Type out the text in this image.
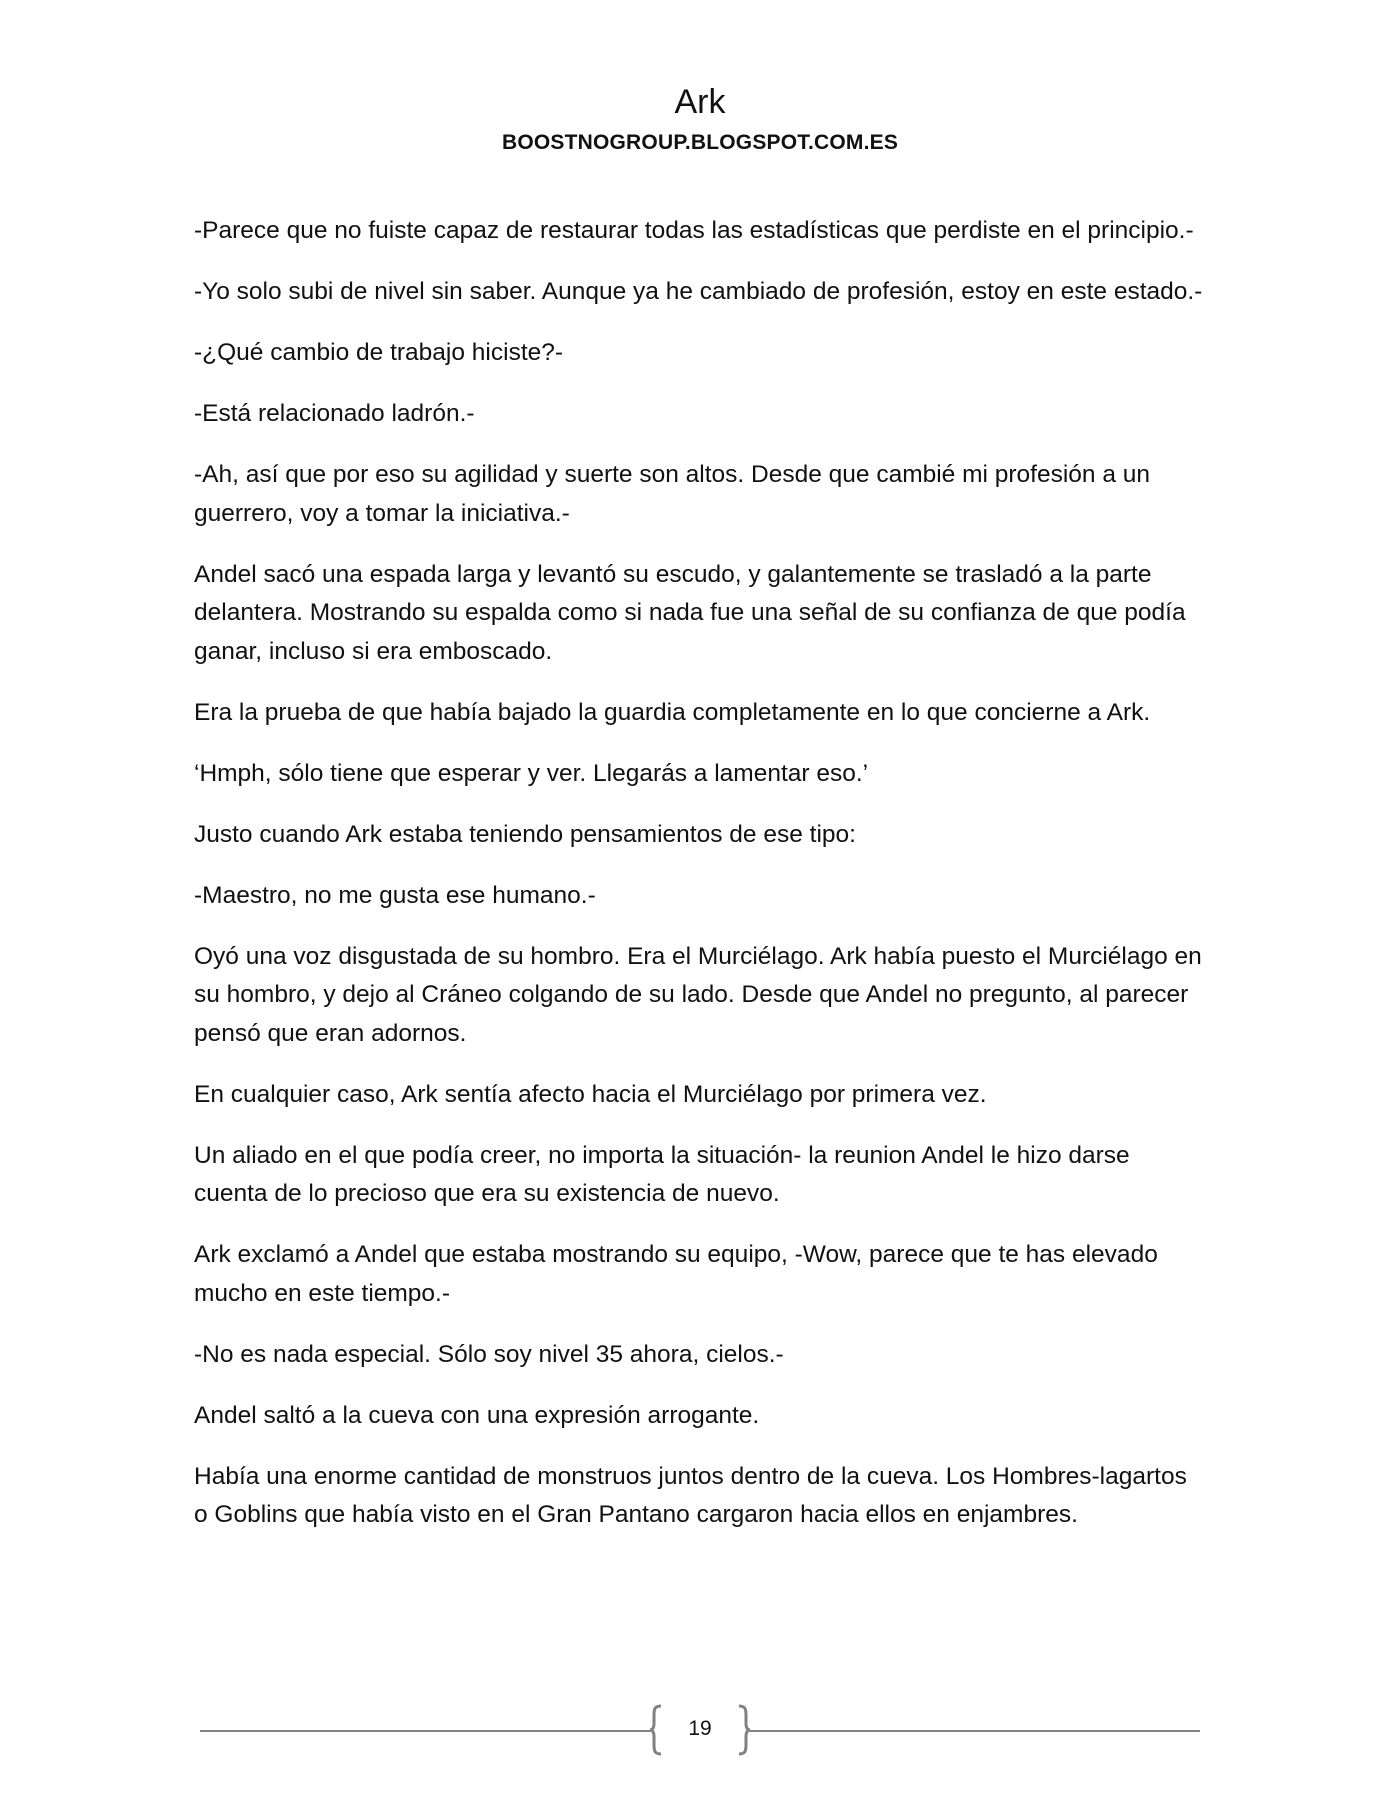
Ark
BOOSTNOGROUP.BLOGSPOT.COM.ES

-Parece que no fuiste capaz de restaurar todas las estadísticas que perdiste en el principio.-

-Yo solo subi de nivel sin saber. Aunque ya he cambiado de profesión, estoy en este estado.-

-¿Qué cambio de trabajo hiciste?-

-Está relacionado ladrón.-

-Ah, así que por eso su agilidad y suerte son altos. Desde que cambié mi profesión a un guerrero, voy a tomar la iniciativa.-

Andel sacó una espada larga y levantó su escudo, y galantemente se trasladó a la parte delantera. Mostrando su espalda como si nada fue una señal de su confianza de que podía ganar, incluso si era emboscado.

Era la prueba de que había bajado la guardia completamente en lo que concierne a Ark.

‘Hmph, sólo tiene que esperar y ver. Llegarás a lamentar eso.’

Justo cuando Ark estaba teniendo pensamientos de ese tipo:

-Maestro, no me gusta ese humano.-

Oyó una voz disgustada de su hombro. Era el Murciélago. Ark había puesto el Murciélago en su hombro, y dejo al Cráneo colgando de su lado. Desde que Andel no pregunto, al parecer pensó que eran adornos.

En cualquier caso, Ark sentía afecto hacia el Murciélago por primera vez.

Un aliado en el que podía creer, no importa la situación- la reunion Andel le hizo darse cuenta de lo precioso que era su existencia de nuevo.

Ark exclamó a Andel que estaba mostrando su equipo, -Wow, parece que te has elevado mucho en este tiempo.-

-No es nada especial. Sólo soy nivel 35 ahora, cielos.-

Andel saltó a la cueva con una expresión arrogante.

Había una enorme cantidad de monstruos juntos dentro de la cueva. Los Hombres-lagartos o Goblins que había visto en el Gran Pantano cargaron hacia ellos en enjambres.

19
